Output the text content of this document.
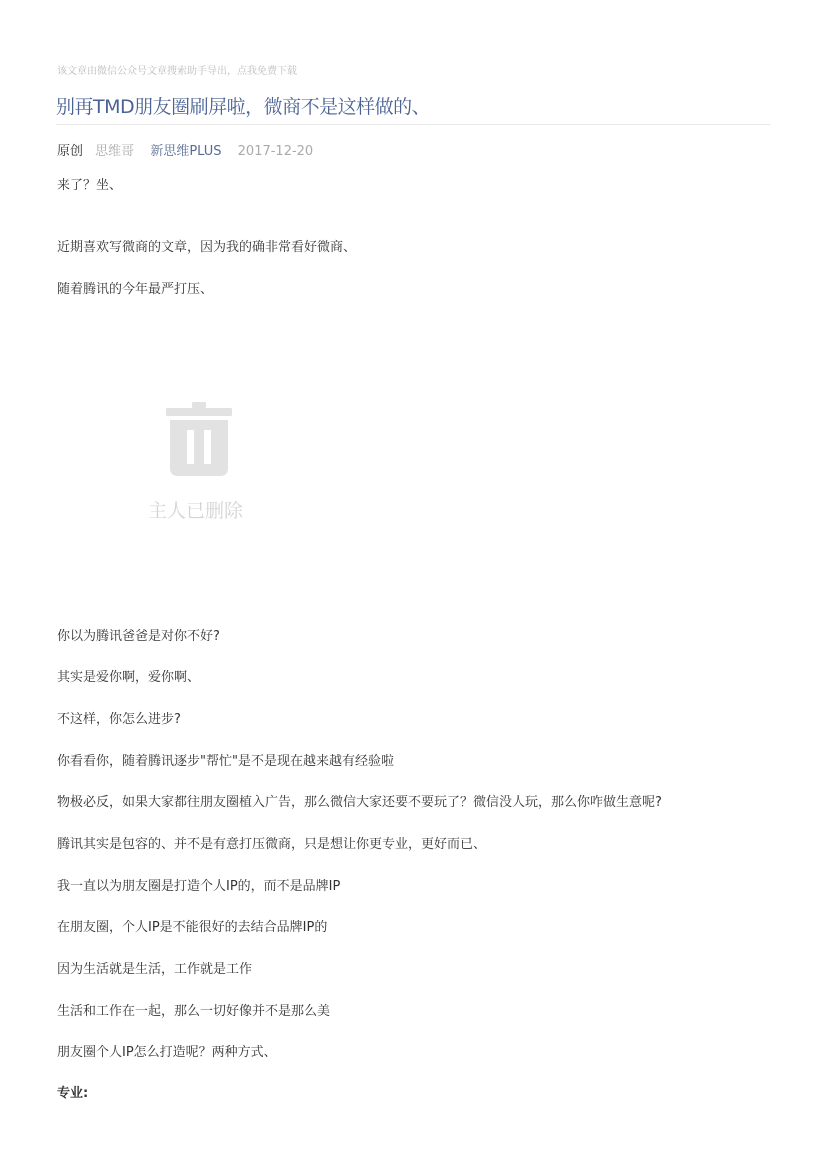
该文章由微信公众号文章搜索助手导出，点我免费下载
别再TMD朋友圈刷屏啦，微商不是这样做的、
原创 思维哥 新思维PLUS 2017-12-20
来了？坐、
近期喜欢写微商的文章，因为我的确非常看好微商、
随着腾讯的今年最严打压、
主人已删除
你以为腾讯爸爸是对你不好?
其实是爱你啊，爱你啊、
不这样，你怎么进步?
你看看你，随着腾讯逐步"帮忙"是不是现在越来越有经验啦
物极必反，如果大家都往朋友圈植入广告，那么微信大家还要不要玩了？微信没人玩，那么你咋做生意呢?
腾讯其实是包容的、并不是有意打压微商，只是想让你更专业，更好而已、
我一直以为朋友圈是打造个人IP的，而不是品牌IP
在朋友圈，个人IP是不能很好的去结合品牌IP的
因为生活就是生活，工作就是工作
生活和工作在一起，那么一切好像并不是那么美
朋友圈个人IP怎么打造呢？两种方式、
专业:
